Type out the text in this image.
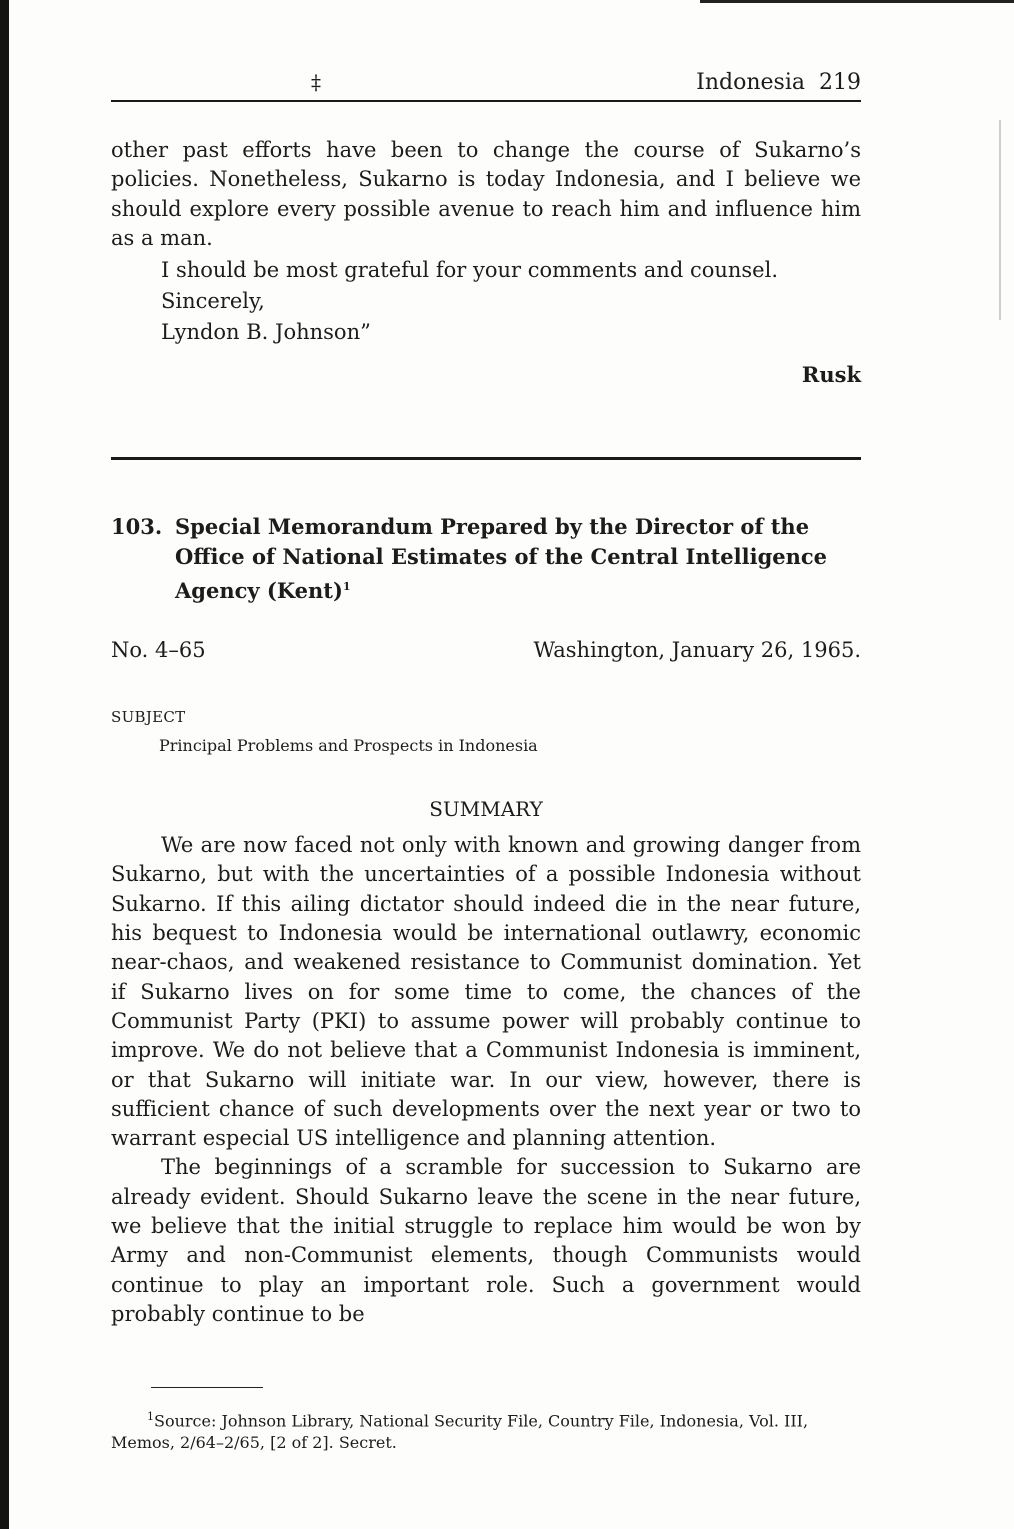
‡	Indonesia 219

other past efforts have been to change the course of Sukarno’s policies. Nonetheless, Sukarno is today Indonesia, and I believe we should explore every possible avenue to reach him and influence him as a man.

I should be most grateful for your comments and counsel.
Sincerely,
Lyndon B. Johnson”
Rusk
103. Special Memorandum Prepared by the Director of the Office of National Estimates of the Central Intelligence Agency (Kent)$^1$
No. 4–65	Washington, January 26, 1965.
SUBJECT
Principal Problems and Prospects in Indonesia
SUMMARY

We are now faced not only with known and growing danger from Sukarno, but with the uncertainties of a possible Indonesia without Sukarno. If this ailing dictator should indeed die in the near future, his bequest to Indonesia would be international outlawry, economic near-chaos, and weakened resistance to Communist domination. Yet if Sukarno lives on for some time to come, the chances of the Communist Party (PKI) to assume power will probably continue to improve. We do not believe that a Communist Indonesia is imminent, or that Sukarno will initiate war. In our view, however, there is sufficient chance of such developments over the next year or two to warrant especial US intelligence and planning attention.

The beginnings of a scramble for succession to Sukarno are already evident. Should Sukarno leave the scene in the near future, we believe that the initial struggle to replace him would be won by Army and non-Communist elements, though Communists would continue to play an important role. Such a government would probably continue to be

$^1$Source: Johnson Library, National Security File, Country File, Indonesia, Vol. III, Memos, 2/64–2/65, [2 of 2]. Secret.
